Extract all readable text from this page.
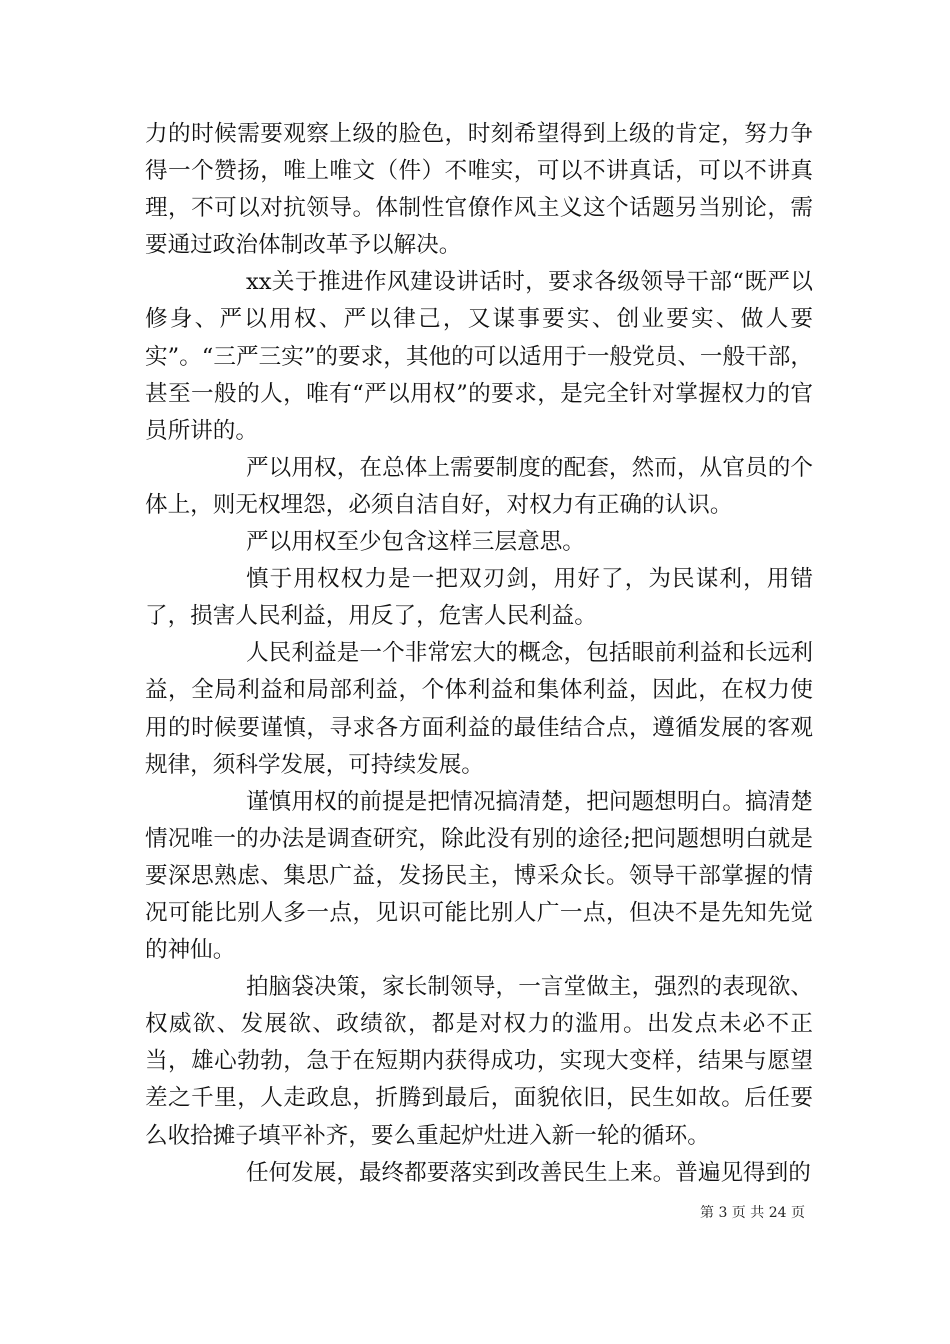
力的时候需要观察上级的脸色，时刻希望得到上级的肯定，努力争得一个赞扬，唯上唯文（件）不唯实，可以不讲真话，可以不讲真理，不可以对抗领导。体制性官僚作风主义这个话题另当别论，需要通过政治体制改革予以解决。

xx关于推进作风建设讲话时，要求各级领导干部“既严以修身、严以用权、严以律己，又谋事要实、创业要实、做人要实”。“三严三实”的要求，其他的可以适用于一般党员、一般干部，甚至一般的人，唯有“严以用权”的要求，是完全针对掌握权力的官员所讲的。

严以用权，在总体上需要制度的配套，然而，从官员的个体上，则无权埋怨，必须自洁自好，对权力有正确的认识。

严以用权至少包含这样三层意思。

慎于用权权力是一把双刃剑，用好了，为民谋利，用错了，损害人民利益，用反了，危害人民利益。

人民利益是一个非常宏大的概念，包括眼前利益和长远利益，全局利益和局部利益，个体利益和集体利益，因此，在权力使用的时候要谨慎，寻求各方面利益的最佳结合点，遵循发展的客观规律，须科学发展，可持续发展。

谨慎用权的前提是把情况搞清楚，把问题想明白。搞清楚情况唯一的办法是调查研究，除此没有别的途径;把问题想明白就是要深思熟虑、集思广益，发扬民主，博采众长。领导干部掌握的情况可能比别人多一点，见识可能比别人广一点，但决不是先知先觉的神仙。

拍脑袋决策，家长制领导，一言堂做主，强烈的表现欲、权威欲、发展欲、政绩欲，都是对权力的滥用。出发点未必不正当，雄心勃勃，急于在短期内获得成功，实现大变样，结果与愿望差之千里，人走政息，折腾到最后，面貌依旧，民生如故。后任要么收拾摊子填平补齐，要么重起炉灶进入新一轮的循环。

任何发展，最终都要落实到改善民生上来。普遍见得到的

第 3 页 共 24 页
